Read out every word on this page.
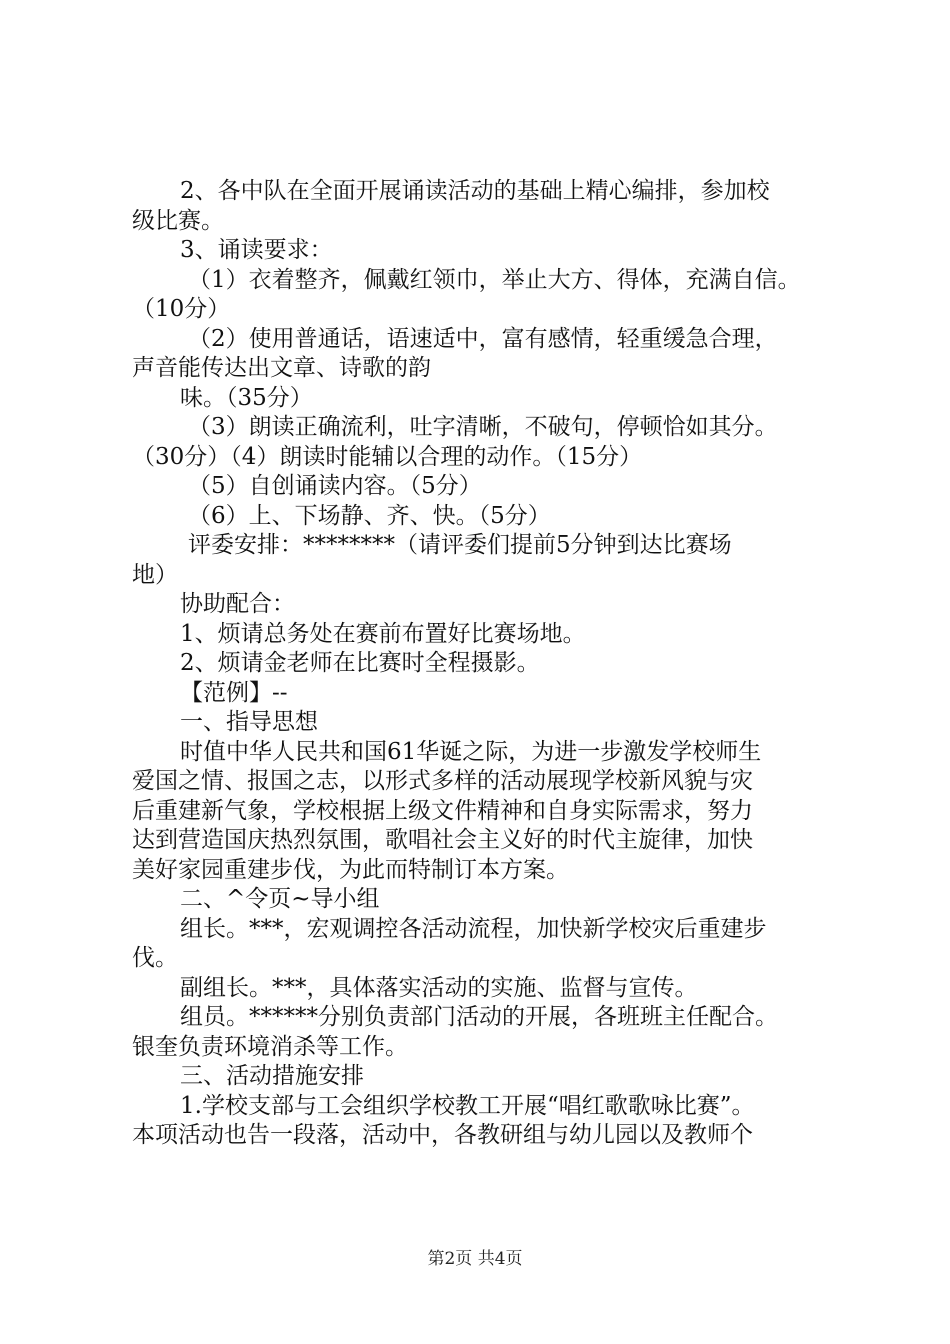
2、各中队在全面开展诵读活动的基础上精心编排，参加校
级比赛。
3、诵读要求：
（1）衣着整齐，佩戴红领巾，举止大方、得体，充满自信。
（10分）
（2）使用普通话，语速适中，富有感情，轻重缓急合理，
声音能传达出文章、诗歌的韵
味。（35分）
（3）朗读正确流利，吐字清晰，不破句，停顿恰如其分。
（30分）（4）朗读时能辅以合理的动作。（15分）
（5）自创诵读内容。（5分）
（6）上、下场静、齐、快。（5分）
评委安排：********（请评委们提前5分钟到达比赛场
地）
协助配合：
1、烦请总务处在赛前布置好比赛场地。
2、烦请金老师在比赛时全程摄影。
【范例】--
一、指导思想
时值中华人民共和国61华诞之际，为进一步激发学校师生
爱国之情、报国之志，以形式多样的活动展现学校新风貌与灾
后重建新气象，学校根据上级文件精神和自身实际需求，努力
达到营造国庆热烈氛围，歌唱社会主义好的时代主旋律，加快
美好家园重建步伐，为此而特制订本方案。
二、^令页~导小组
组长。***，宏观调控各活动流程，加快新学校灾后重建步
伐。
副组长。***，具体落实活动的实施、监督与宣传。
组员。******分别负责部门活动的开展，各班班主任配合。
银奎负责环境消杀等工作。
三、活动措施安排
1.学校支部与工会组织学校教工开展“唱红歌歌咏比赛”。
本项活动也告一段落，活动中，各教研组与幼儿园以及教师个
第2页 共4页
